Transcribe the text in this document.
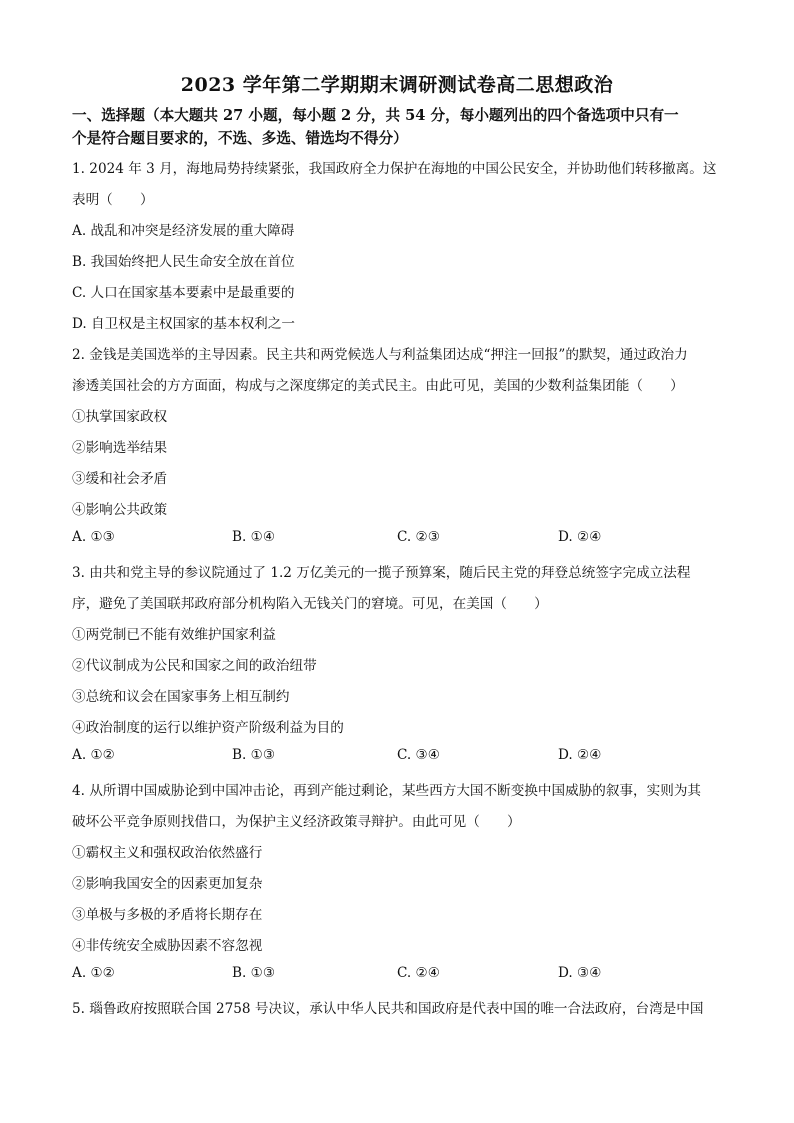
2023 学年第二学期期末调研测试卷高二思想政治
一、选择题（本大题共 27 小题，每小题 2 分，共 54 分，每小题列出的四个备选项中只有一
个是符合题目要求的，不选、多选、错选均不得分）
1. 2024 年 3 月，海地局势持续紧张，我国政府全力保护在海地的中国公民安全，并协助他们转移撤离。这
表明（　　）
A. 战乱和冲突是经济发展的重大障碍
B. 我国始终把人民生命安全放在首位
C. 人口在国家基本要素中是最重要的
D. 自卫权是主权国家的基本权利之一
2. 金钱是美国选举的主导因素。民主共和两党候选人与利益集团达成“押注一回报”的默契，通过政治力
渗透美国社会的方方面面，构成与之深度绑定的美式民主。由此可见，美国的少数利益集团能（　　）
①执掌国家政权
②影响选举结果
③缓和社会矛盾
④影响公共政策
A. ①③	B. ①④	C. ②③	D. ②④
3. 由共和党主导的参议院通过了 1.2 万亿美元的一揽子预算案，随后民主党的拜登总统签字完成立法程
序，避免了美国联邦政府部分机构陷入无钱关门的窘境。可见，在美国（　　）
①两党制已不能有效维护国家利益
②代议制成为公民和国家之间的政治纽带
③总统和议会在国家事务上相互制约
④政治制度的运行以维护资产阶级利益为目的
A. ①②	B. ①③	C. ③④	D. ②④
4. 从所谓中国威胁论到中国冲击论，再到产能过剩论，某些西方大国不断变换中国威胁的叙事，实则为其
破坏公平竞争原则找借口，为保护主义经济政策寻辩护。由此可见（　　）
①霸权主义和强权政治依然盛行
②影响我国安全的因素更加复杂
③单极与多极的矛盾将长期存在
④非传统安全威胁因素不容忽视
A. ①②	B. ①③	C. ②④	D. ③④
5. 瑙鲁政府按照联合国 2758 号决议，承认中华人民共和国政府是代表中国的唯一合法政府，台湾是中国
